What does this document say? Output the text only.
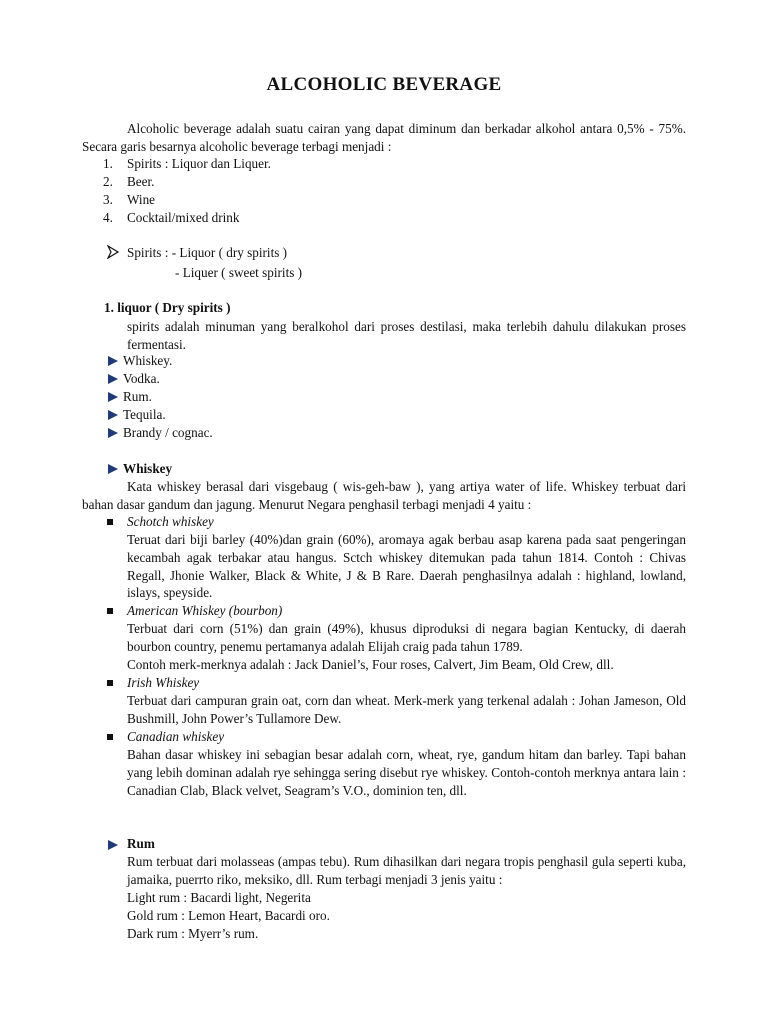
ALCOHOLIC BEVERAGE
Alcoholic beverage adalah suatu cairan yang dapat diminum dan berkadar alkohol antara 0,5% - 75%. Secara garis besarnya alcoholic beverage terbagi menjadi :
1. Spirits : Liquor dan Liquer.
2. Beer.
3. Wine
4. Cocktail/mixed drink
Spirits : - Liquor ( dry spirits )
- Liquer ( sweet spirits )
1. liquor ( Dry spirits )
spirits adalah minuman yang beralkohol dari proses destilasi, maka terlebih dahulu dilakukan proses fermentasi.
Whiskey.
Vodka.
Rum.
Tequila.
Brandy / cognac.
Whiskey
Kata whiskey berasal dari visgebaug ( wis-geh-baw ), yang artiya water of life. Whiskey terbuat dari bahan dasar gandum dan jagung. Menurut Negara penghasil terbagi menjadi 4 yaitu :
Schotch whiskey
Teruat dari biji barley (40%)dan grain (60%), aromaya agak berbau asap karena pada saat pengeringan kecambah agak terbakar atau hangus. Sctch whiskey ditemukan pada tahun 1814. Contoh : Chivas Regall, Jhonie Walker, Black & White, J & B Rare. Daerah penghasilnya adalah : highland, lowland, islays, speyside.
American Whiskey (bourbon)
Terbuat dari corn (51%) dan grain (49%), khusus diproduksi di negara bagian Kentucky, di daerah bourbon country, penemu pertamanya adalah Elijah craig pada tahun 1789.
Contoh merk-merknya adalah : Jack Daniel’s, Four roses, Calvert, Jim Beam, Old Crew, dll.
Irish Whiskey
Terbuat dari campuran grain oat, corn dan wheat. Merk-merk yang terkenal adalah : Johan Jameson, Old Bushmill, John Power’s Tullamore Dew.
Canadian whiskey
Bahan dasar whiskey ini sebagian besar adalah corn, wheat, rye, gandum hitam dan barley. Tapi bahan yang lebih dominan adalah rye sehingga sering disebut rye whiskey. Contoh-contoh merknya antara lain : Canadian Clab, Black velvet, Seagram’s V.O., dominion ten, dll.
Rum
Rum terbuat dari molasseas (ampas tebu). Rum dihasilkan dari negara tropis penghasil gula seperti kuba, jamaika, puerrto riko, meksiko, dll. Rum terbagi menjadi 3 jenis yaitu :
Light rum : Bacardi light, Negerita
Gold rum : Lemon Heart, Bacardi oro.
Dark rum : Myerr’s rum.
